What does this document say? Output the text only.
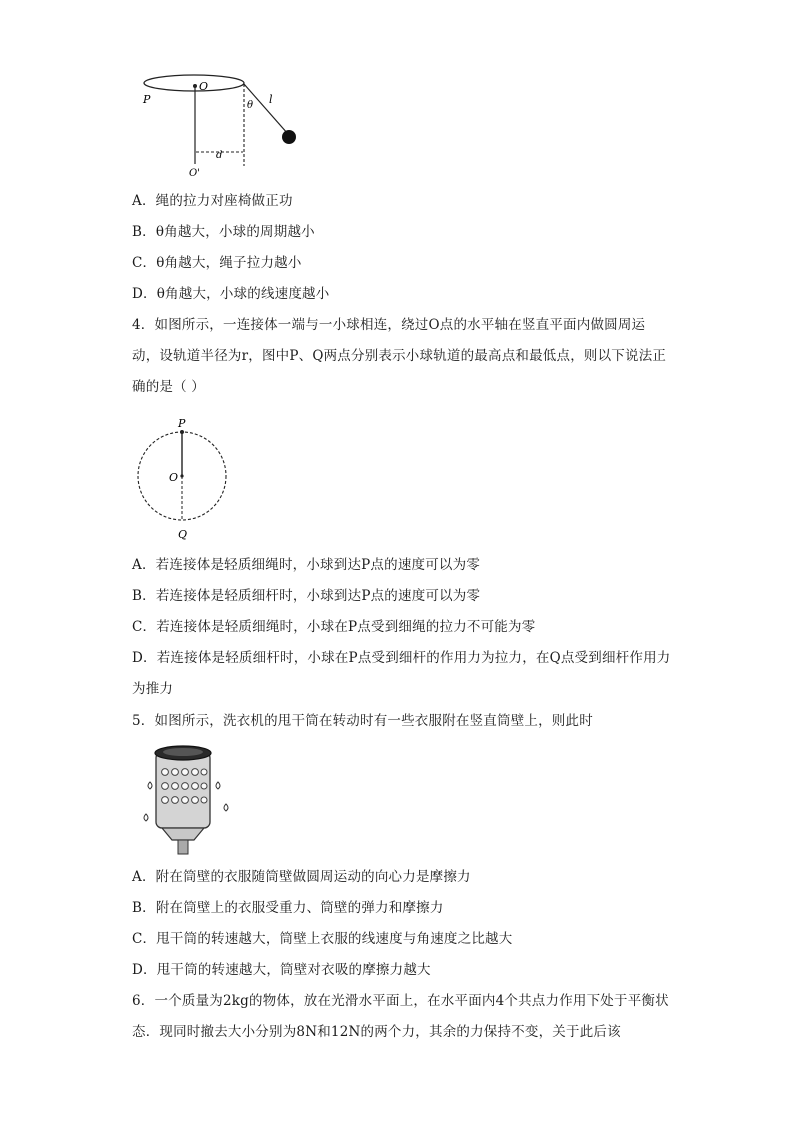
O
P	θ l
d
O'
A．绳的拉力对座椅做正功
B．θ角越大，小球的周期越小
C．θ角越大，绳子拉力越小
D．θ角越大，小球的线速度越小
4．如图所示，一连接体一端与一小球相连，绕过O点的水平轴在竖直平面内做圆周运动，设轨道半径为r，图中P、Q两点分别表示小球轨道的最高点和最低点，则以下说法正确的是（ ）
P
O
Q
A．若连接体是轻质细绳时，小球到达P点的速度可以为零
B．若连接体是轻质细杆时，小球到达P点的速度可以为零
C．若连接体是轻质细绳时，小球在P点受到细绳的拉力不可能为零
D．若连接体是轻质细杆时，小球在P点受到细杆的作用力为拉力，在Q点受到细杆作用力为推力
5．如图所示，洗衣机的甩干筒在转动时有一些衣服附在竖直筒壁上，则此时
A．附在筒壁的衣服随筒壁做圆周运动的向心力是摩擦力
B．附在筒壁上的衣服受重力、筒壁的弹力和摩擦力
C．甩干筒的转速越大，筒壁上衣服的线速度与角速度之比越大
D．甩干筒的转速越大，筒壁对衣吸的摩擦力越大
6．一个质量为2kg的物体，放在光滑水平面上，在水平面内4个共点力作用下处于平衡状态．现同时撤去大小分别为8N和12N的两个力，其余的力保持不变，关于此后该
